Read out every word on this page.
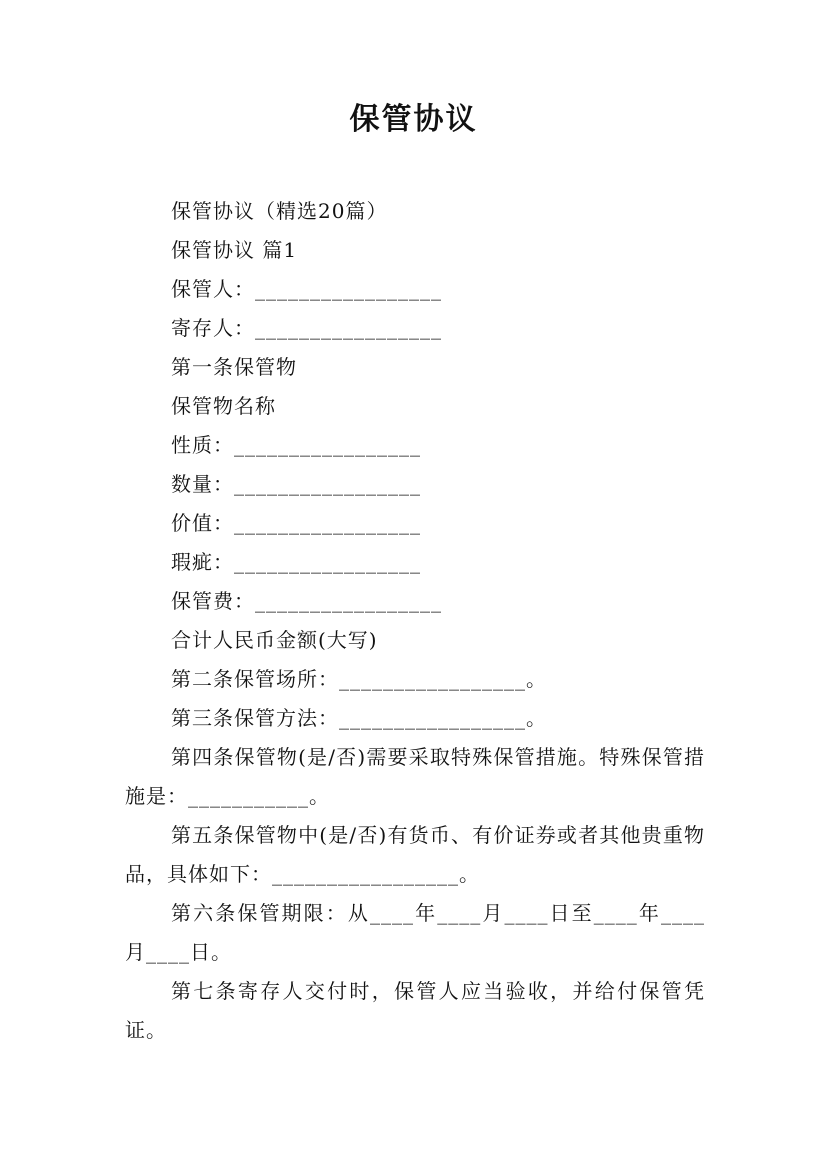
保管协议
保管协议（精选20篇）
保管协议 篇1
保管人：_________________
寄存人：_________________
第一条保管物
保管物名称
性质：_________________
数量：_________________
价值：_________________
瑕疵：_________________
保管费：_________________
合计人民币金额(大写)
第二条保管场所：_________________。
第三条保管方法：_________________。
第四条保管物(是/否)需要采取特殊保管措施。特殊保管措施是：___________。
第五条保管物中(是/否)有货币、有价证券或者其他贵重物品，具体如下：_________________。
第六条保管期限：从____年____月____日至____年____月____日。
第七条寄存人交付时，保管人应当验收，并给付保管凭证。
